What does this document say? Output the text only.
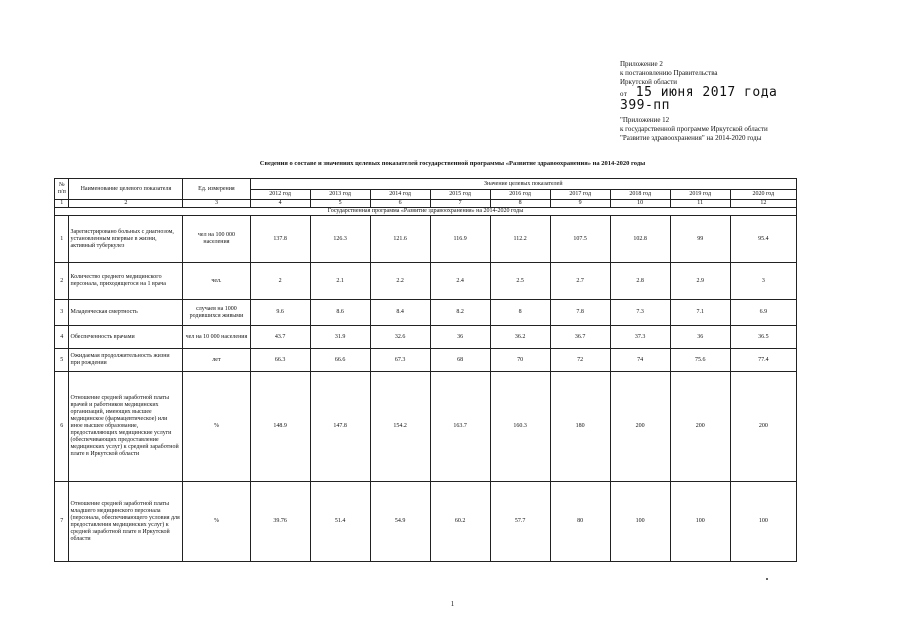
Приложение 2
к постановлению Правительства
Иркутской области
от 15 июня 2017 года
399-пп
"Приложение 12
к государственной программе Иркутской области
"Развитие здравоохранения" на 2014-2020 годы
Сведения о составе и значениях целевых показателей государственной программы «Развитие здравоохранения» на 2014-2020 годы
№ п/п	Наименование целевого показателя	Ед. измерения	Значение целевых показателей								
			2012 год	2013 год	2014 год	2015 год	2016 год	2017 год	2018 год	2019 год	2020 год
1	2	3	4	5	6	7	8	9	10	11	12
Государственная программа «Развитие здравоохранения» на 2014-2020 годы											
1	Зарегистрировано больных с диагнозом, установленным впервые в жизни, активный туберкулез	чел на 100 000 населения	137.8	126.3	121.6	116.9	112.2	107.5	102.8	99	95.4
2	Количество среднего медицинского персонала, приходящегося на 1 врача	чел.	2	2.1	2.2	2.4	2.5	2.7	2.8	2.9	3
3	Младенческая смертность	случаев на 1000 родившихся живыми	9.6	8.6	8.4	8.2	8	7.8	7.3	7.1	6.9
4	Обеспеченность врачами	чел на 10 000 населения	43.7	31.9	32.6	36	36.2	36.7	37.3	36	36.5
5	Ожидаемая продолжительность жизни при рождении	лет	66.3	66.6	67.3	68	70	72	74	75.6	77.4
6	Отношение средней заработной платы врачей и работников медицинских организаций, имеющих высшее медицинское (фармацевтическое) или иное высшее образование, предоставляющих медицинские услуги (обеспечивающих предоставление медицинских услуг) к средней заработной плате в Иркутской области	%	148.9	147.8	154.2	163.7	160.3	180	200	200	200
7	Отношение средней заработной платы младшего медицинского персонала (персонала, обеспечивающего условия для предоставления медицинских услуг) к средней заработной плате в Иркутской области	%	39.76	51.4	54.9	60.2	57.7	80	100	100	100
1
